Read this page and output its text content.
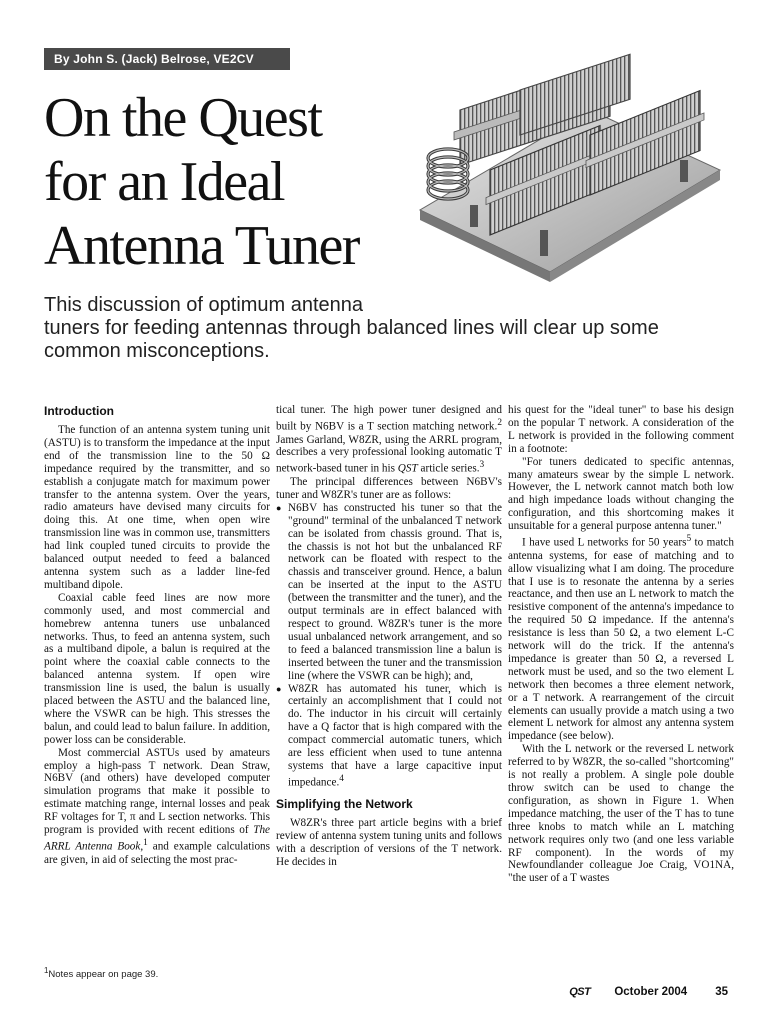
By John S. (Jack) Belrose, VE2CV
On the Quest
for an Ideal
Antenna Tuner
This discussion of optimum antenna
tuners for feeding antennas through balanced lines will clear up some
common misconceptions.
Introduction

The function of an antenna system tuning unit (ASTU) is to transform the impedance at the input end of the transmission line to the 50 Ω impedance required by the transmitter, and so establish a conjugate match for maximum power transfer to the antenna system. Over the years, radio amateurs have devised many circuits for doing this. At one time, when open wire transmission line was in common use, transmitters had link coupled tuned circuits to provide the balanced output needed to feed a balanced antenna system such as a ladder line-fed multiband dipole.

Coaxial cable feed lines are now more commonly used, and most commercial and homebrew antenna tuners use unbalanced networks. Thus, to feed an antenna system, such as a multiband dipole, a balun is required at the point where the coaxial cable connects to the balanced antenna system. If open wire transmission line is used, the balun is usually placed between the ASTU and the balanced line, where the VSWR can be high. This stresses the balun, and could lead to balun failure. In addition, power loss can be considerable.

Most commercial ASTUs used by amateurs employ a high-pass T network. Dean Straw, N6BV (and others) have developed computer simulation programs that make it possible to estimate matching range, internal losses and peak RF voltages for T, π and L section networks. This program is provided with recent editions of The ARRL Antenna Book,$^1$ and example calculations are given, in aid of selecting the most prac-

tical tuner. The high power tuner designed and built by N6BV is a T section matching network.$^2$ James Garland, W8ZR, using the ARRL program, describes a very professional looking automatic T network-based tuner in his QST article series.$^3$

The principal differences between N6BV's tuner and W8ZR's tuner are as follows:

● N6BV has constructed his tuner so that the "ground" terminal of the unbalanced T network can be isolated from chassis ground. That is, the chassis is not hot but the unbalanced RF network can be floated with respect to the chassis and transceiver ground. Hence, a balun can be inserted at the input to the ASTU (between the transmitter and the tuner), and the output terminals are in effect balanced with respect to ground. W8ZR's tuner is the more usual unbalanced network arrangement, and so to feed a balanced transmission line a balun is inserted between the tuner and the transmission line (where the VSWR can be high); and,
● W8ZR has automated his tuner, which is certainly an accomplishment that I could not do. The inductor in his circuit will certainly have a Q factor that is high compared with the compact commercial automatic tuners, which are less efficient when used to tune antenna systems that have a large capacitive input impedance.$^4$
Simplifying the Network

W8ZR's three part article begins with a brief review of antenna system tuning units and follows with a description of versions of the T network. He decides in

his quest for the "ideal tuner" to base his design on the popular T network. A consideration of the L network is provided in the following comment in a footnote:

"For tuners dedicated to specific antennas, many amateurs swear by the simple L network. However, the L network cannot match both low and high impedance loads without changing the configuration, and this shortcoming makes it unsuitable for a general purpose antenna tuner."

I have used L networks for 50 years$^5$ to match antenna systems, for ease of matching and to allow visualizing what I am doing. The procedure that I use is to resonate the antenna by a series reactance, and then use an L network to match the resistive component of the antenna's impedance to the required 50 Ω impedance. If the antenna's resistance is less than 50 Ω, a two element L-C network will do the trick. If the antenna's impedance is greater than 50 Ω, a reversed L network must be used, and so the two element L network then becomes a three element network, or a T network. A rearrangement of the circuit elements can usually provide a match using a two element L network for almost any antenna system impedance (see below).

With the L network or the reversed L network referred to by W8ZR, the so-called "shortcoming" is not really a problem. A single pole double throw switch can be used to change the configuration, as shown in Figure 1. When impedance matching, the user of the T has to tune three knobs to match while an L matching network requires only two (and one less variable RF component). In the words of my Newfoundlander colleague Joe Craig, VO1NA, "the user of a T wastes

$^1$Notes appear on page 39.
QST October 2004 35
